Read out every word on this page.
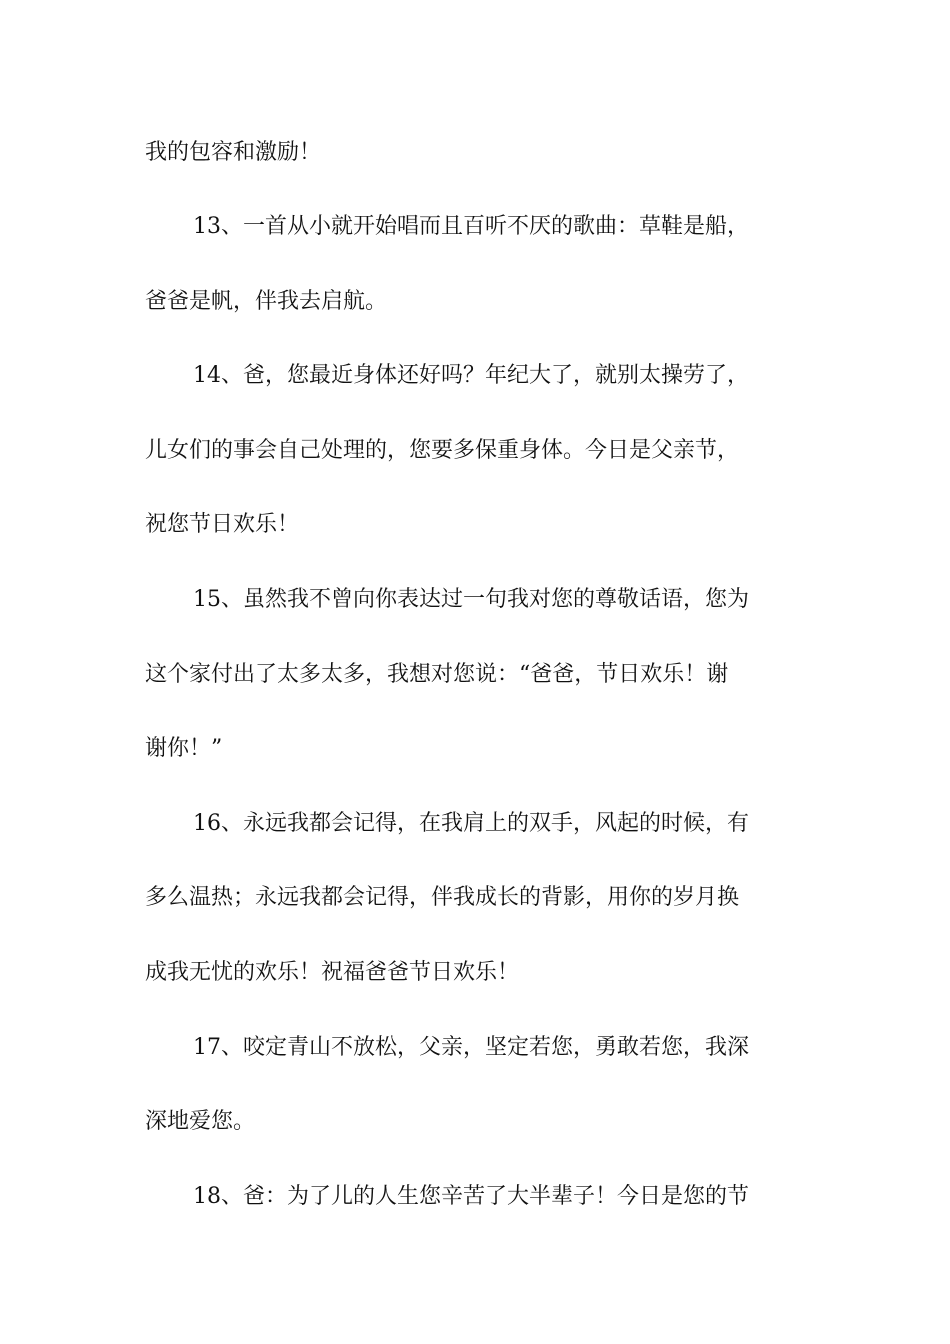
我的包容和激励！
13、一首从小就开始唱而且百听不厌的歌曲：草鞋是船，
爸爸是帆，伴我去启航。
14、爸，您最近身体还好吗？年纪大了，就别太操劳了，
儿女们的事会自己处理的，您要多保重身体。今日是父亲节，
祝您节日欢乐！
15、虽然我不曾向你表达过一句我对您的尊敬话语，您为
这个家付出了太多太多，我想对您说：“爸爸，节日欢乐！谢
谢你！”
16、永远我都会记得，在我肩上的双手，风起的时候，有
多么温热；永远我都会记得，伴我成长的背影，用你的岁月换
成我无忧的欢乐！祝福爸爸节日欢乐！
17、咬定青山不放松，父亲，坚定若您，勇敢若您，我深
深地爱您。
18、爸：为了儿的人生您辛苦了大半辈子！今日是您的节
